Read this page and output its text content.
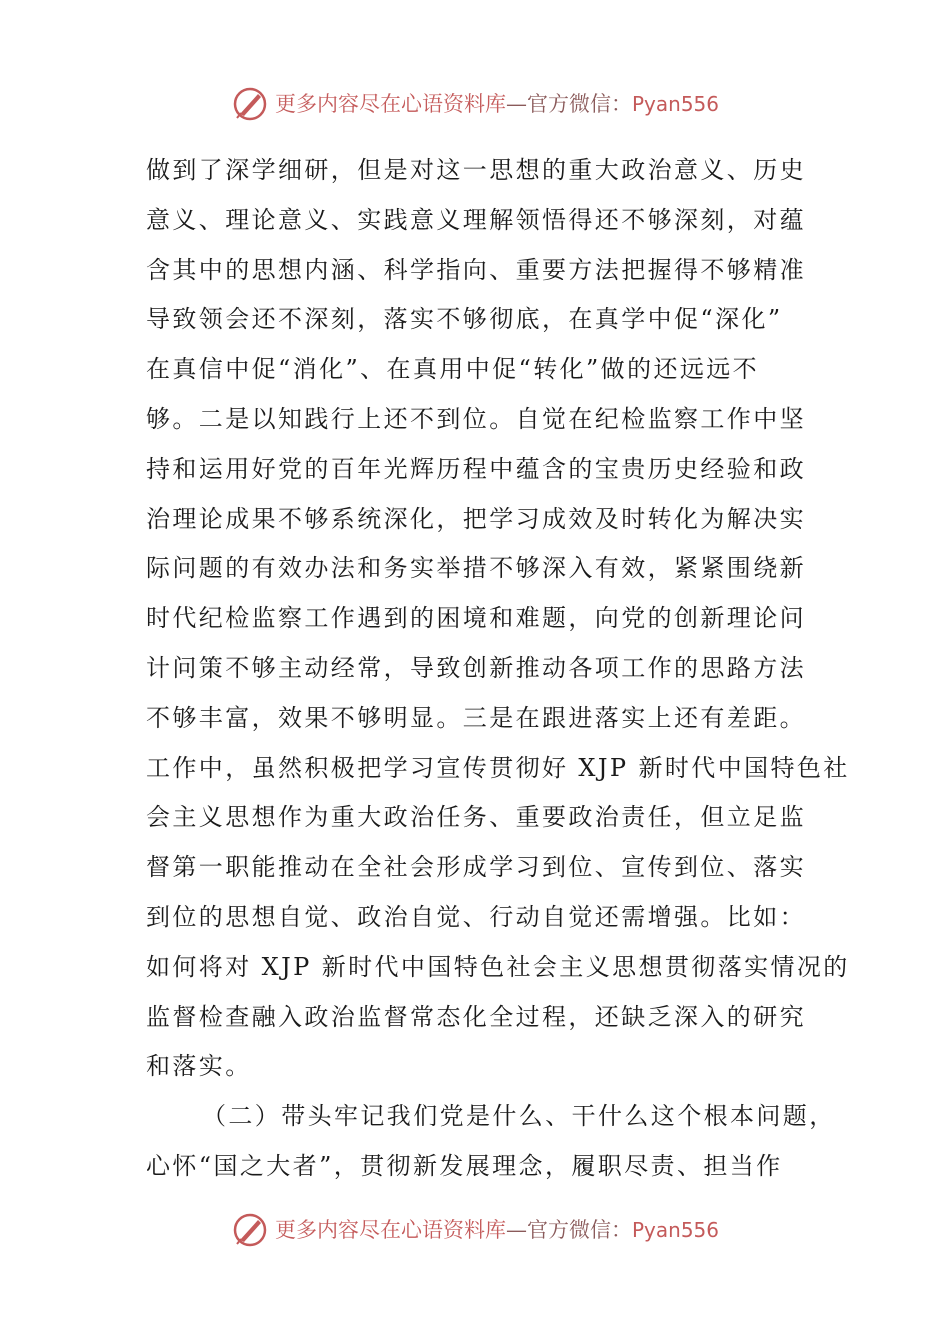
更多内容尽在心语资料库—官方微信：Pyan556
做到了深学细研，但是对这一思想的重大政治意义、历史
意义、理论意义、实践意义理解领悟得还不够深刻，对蕴
含其中的思想内涵、科学指向、重要方法把握得不够精准
导致领会还不深刻，落实不够彻底，在真学中促“深化”
在真信中促“消化”、在真用中促“转化”做的还远远不
够。二是以知践行上还不到位。自觉在纪检监察工作中坚
持和运用好党的百年光辉历程中蕴含的宝贵历史经验和政
治理论成果不够系统深化，把学习成效及时转化为解决实
际问题的有效办法和务实举措不够深入有效，紧紧围绕新
时代纪检监察工作遇到的困境和难题，向党的创新理论问
计问策不够主动经常，导致创新推动各项工作的思路方法
不够丰富，效果不够明显。三是在跟进落实上还有差距。
工作中，虽然积极把学习宣传贯彻好 XJP 新时代中国特色社
会主义思想作为重大政治任务、重要政治责任，但立足监
督第一职能推动在全社会形成学习到位、宣传到位、落实
到位的思想自觉、政治自觉、行动自觉还需增强。比如：
如何将对 XJP 新时代中国特色社会主义思想贯彻落实情况的
监督检查融入政治监督常态化全过程，还缺乏深入的研究
和落实。
（二）带头牢记我们党是什么、干什么这个根本问题，
心怀“国之大者”，贯彻新发展理念，履职尽责、担当作
更多内容尽在心语资料库—官方微信：Pyan556
